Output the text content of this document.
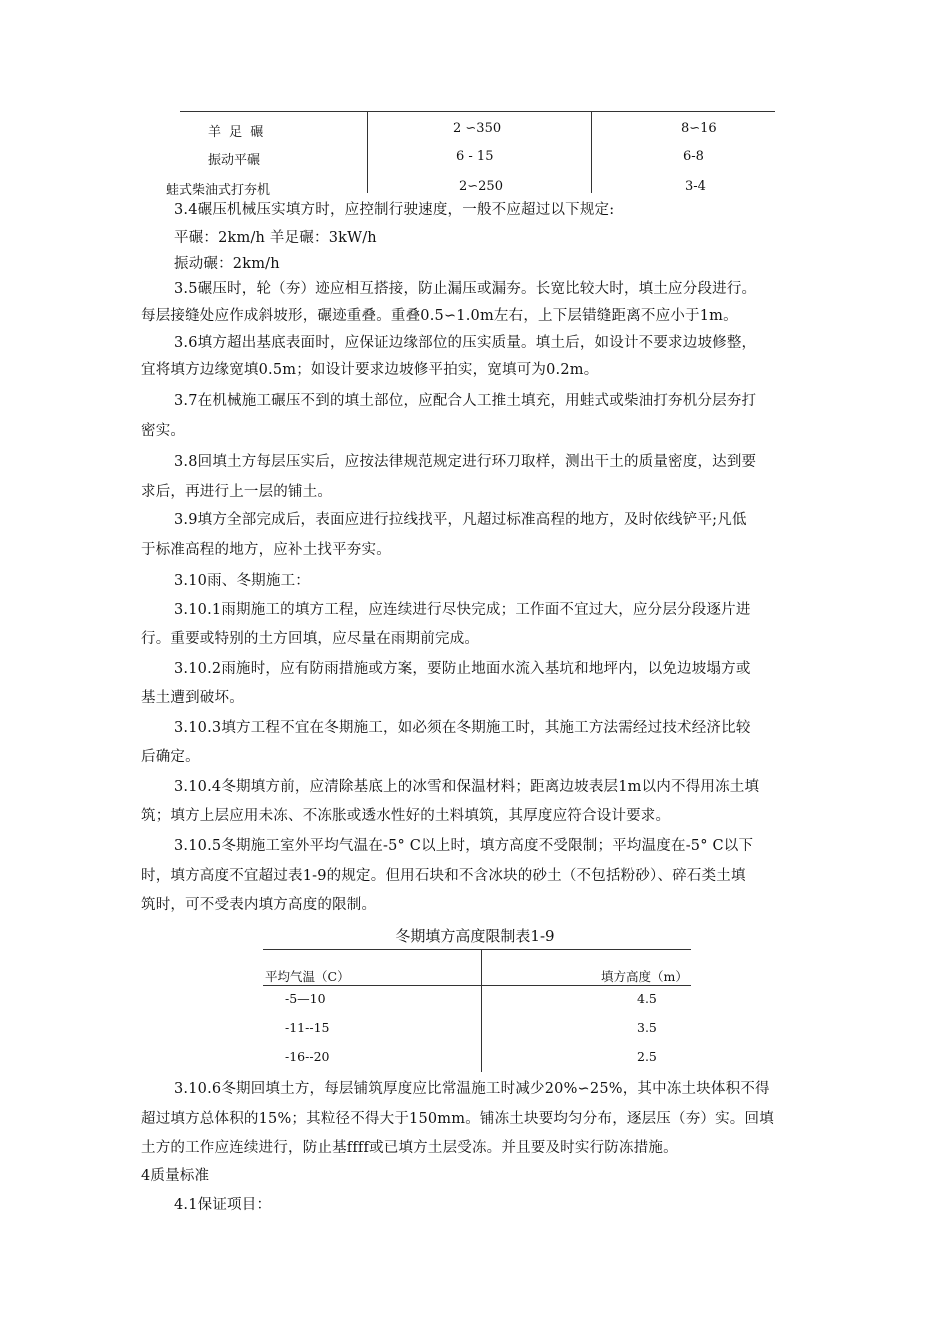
羊 足 碾	2 ∽350	8∽16
振动平碾	6 - 15	6-8
蛙式柴油式打夯机	2∽250	3-4
3.4碾压机械压实填方时，应控制行驶速度，一般不应超过以下规定:
平碾：2km/h 羊足碾：3kW/h
振动碾：2km/h
3.5碾压时，轮（夯）迹应相互搭接，防止漏压或漏夯。长宽比较大时，填土应分段进行。
每层接缝处应作成斜坡形，碾迹重叠。重叠0.5∽1.0m左右，上下层错缝距离不应小于1m。
3.6填方超出基底表面时，应保证边缘部位的压实质量。填土后，如设计不要求边坡修整，
宜将填方边缘宽填0.5m；如设计要求边坡修平拍实，宽填可为0.2m。
3.7在机械施工碾压不到的填土部位，应配合人工推土填充，用蛙式或柴油打夯机分层夯打
密实。
3.8回填土方每层压实后，应按法律规范规定进行环刀取样，测出干土的质量密度，达到要
求后，再进行上一层的铺土。
3.9填方全部完成后，表面应进行拉线找平，凡超过标准高程的地方，及时依线铲平;凡低
于标准高程的地方，应补土找平夯实。
3.10雨、冬期施工：
3.10.1雨期施工的填方工程，应连续进行尽快完成；工作面不宜过大，应分层分段逐片进
行。重要或特别的土方回填，应尽量在雨期前完成。
3.10.2雨施时，应有防雨措施或方案，要防止地面水流入基坑和地坪内，以免边坡塌方或
基土遭到破坏。
3.10.3填方工程不宜在冬期施工，如必须在冬期施工时，其施工方法需经过技术经济比较
后确定。
3.10.4冬期填方前，应清除基底上的冰雪和保温材料；距离边坡表层1m以内不得用冻土填
筑；填方上层应用未冻、不冻胀或透水性好的土料填筑，其厚度应符合设计要求。
3.10.5冬期施工室外平均气温在-5° C以上时，填方高度不受限制；平均温度在-5° C以下
时，填方高度不宜超过表1-9的规定。但用石块和不含冰块的砂土（不包括粉砂）、碎石类土填
筑时，可不受表内填方高度的限制。
冬期填方高度限制表1-9
平均气温（C）	填方高度（m）
-5—10	4.5
-11--15	3.5
-16--20	2.5
3.10.6冬期回填土方，每层铺筑厚度应比常温施工时减少20%∽25%，其中冻土块体积不得
超过填方总体积的15%；其粒径不得大于150mm。铺冻土块要均匀分布，逐层压（夯）实。回填
土方的工作应连续进行，防止基ffff或已填方土层受冻。并且要及时实行防冻措施。
4质量标准
4.1保证项目：
